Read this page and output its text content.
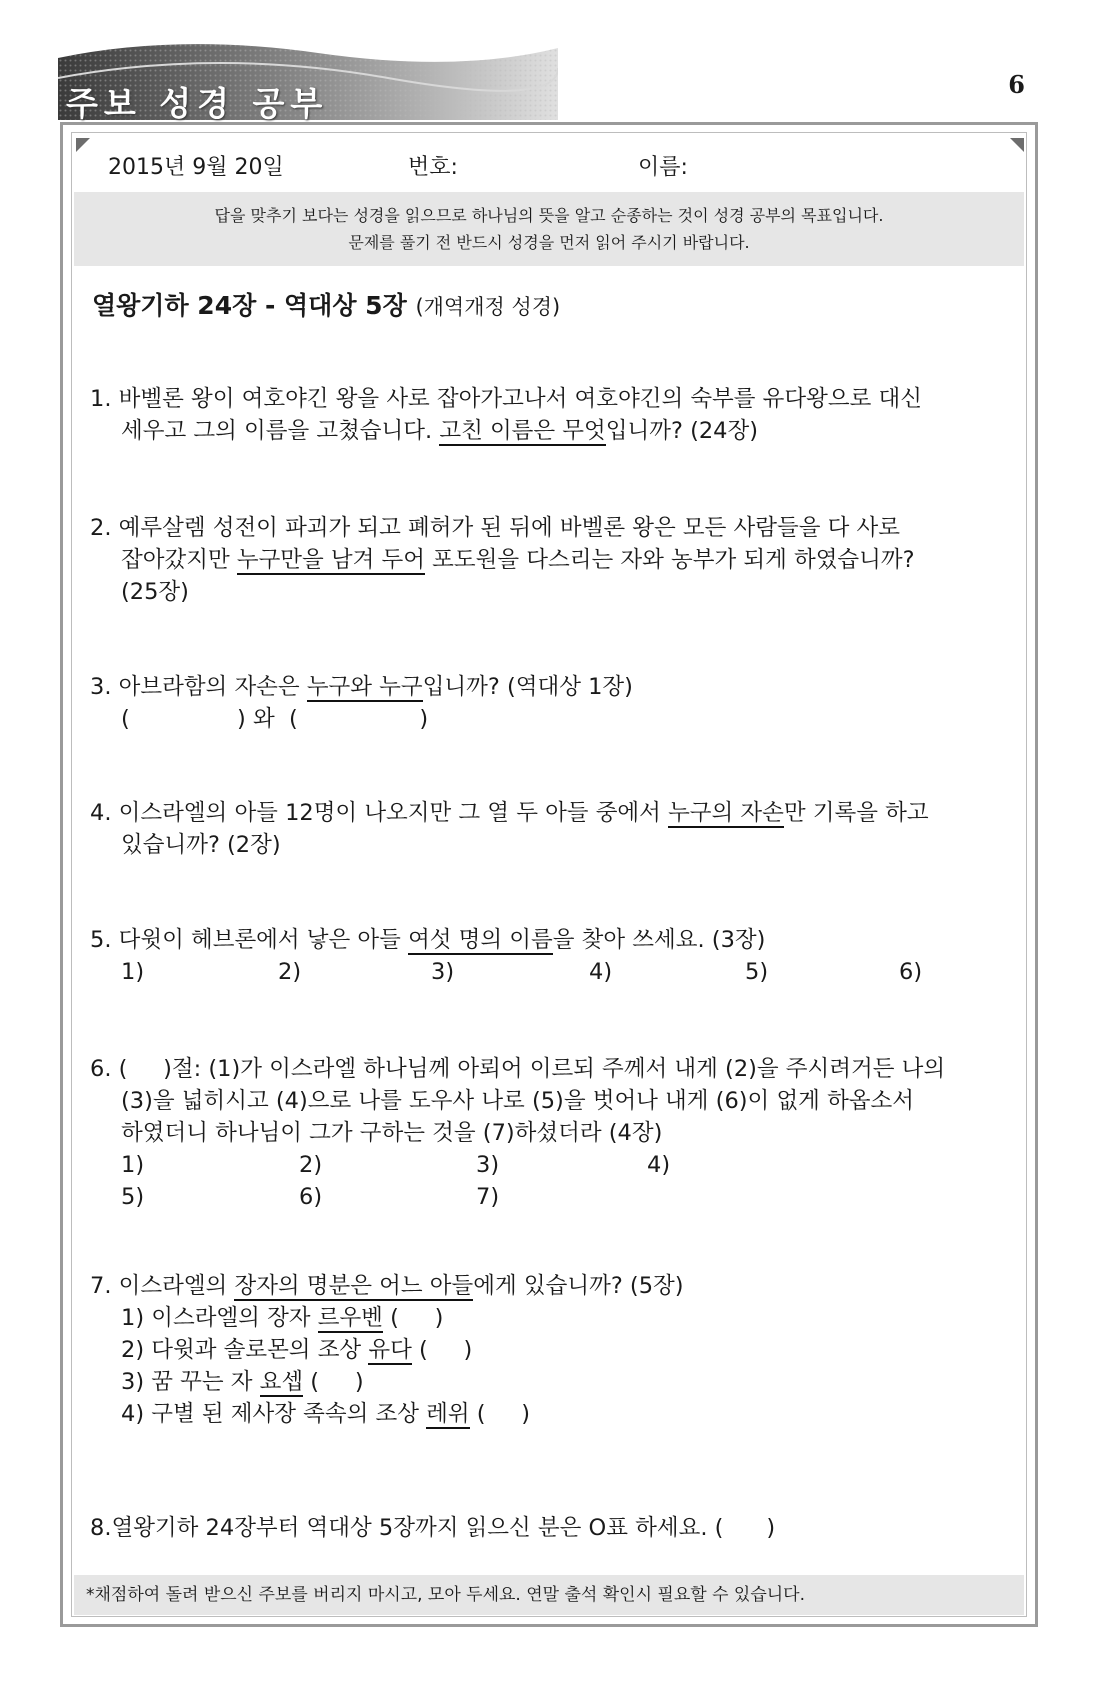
주보 성경 공부	6
2015년 9월 20일	번호:	이름:
답을 맞추기 보다는 성경을 읽으므로 하나님의 뜻을 알고 순종하는 것이 성경 공부의 목표입니다.
문제를 풀기 전 반드시 성경을 먼저 읽어 주시기 바랍니다.
열왕기하 24장 - 역대상 5장 (개역개정 성경)
1. 바벨론 왕이 여호야긴 왕을 사로 잡아가고나서 여호야긴의 숙부를 유다왕으로 대신
세우고 그의 이름을 고쳤습니다. 고친 이름은 무엇입니까? (24장)
2. 예루살렘 성전이 파괴가 되고 폐허가 된 뒤에 바벨론 왕은 모든 사람들을 다 사로
잡아갔지만 누구만을 남겨 두어 포도원을 다스리는 자와 농부가 되게 하였습니까?
(25장)
3. 아브라함의 자손은 누구와 누구입니까? (역대상 1장)
(               ) 와  (                 )
4. 이스라엘의 아들 12명이 나오지만 그 열 두 아들 중에서 누구의 자손만 기록을 하고
있습니까? (2장)
5. 다윗이 헤브론에서 낳은 아들 여섯 명의 이름을 찾아 쓰세요. (3장)
1)	2)	3)	4)	5)	6)
6. (     )절: (1)가 이스라엘 하나님께 아뢰어 이르되 주께서 내게 (2)을 주시려거든 나의
(3)을 넓히시고 (4)으로 나를 도우사 나로 (5)을 벗어나 내게 (6)이 없게 하옵소서
하였더니 하나님이 그가 구하는 것을 (7)하셨더라 (4장)
1)	2)	3)	4)
5)	6)	7)
7. 이스라엘의 장자의 명분은 어느 아들에게 있습니까? (5장)
1) 이스라엘의 장자 르우벤 (     )
2) 다윗과 솔로몬의 조상 유다 (     )
3) 꿈 꾸는 자 요셉 (     )
4) 구별 된 제사장 족속의 조상 레위 (     )
8.열왕기하 24장부터 역대상 5장까지 읽으신 분은 O표 하세요. (      )
*채점하여 돌려 받으신 주보를 버리지 마시고, 모아 두세요. 연말 출석 확인시 필요할 수 있습니다.
